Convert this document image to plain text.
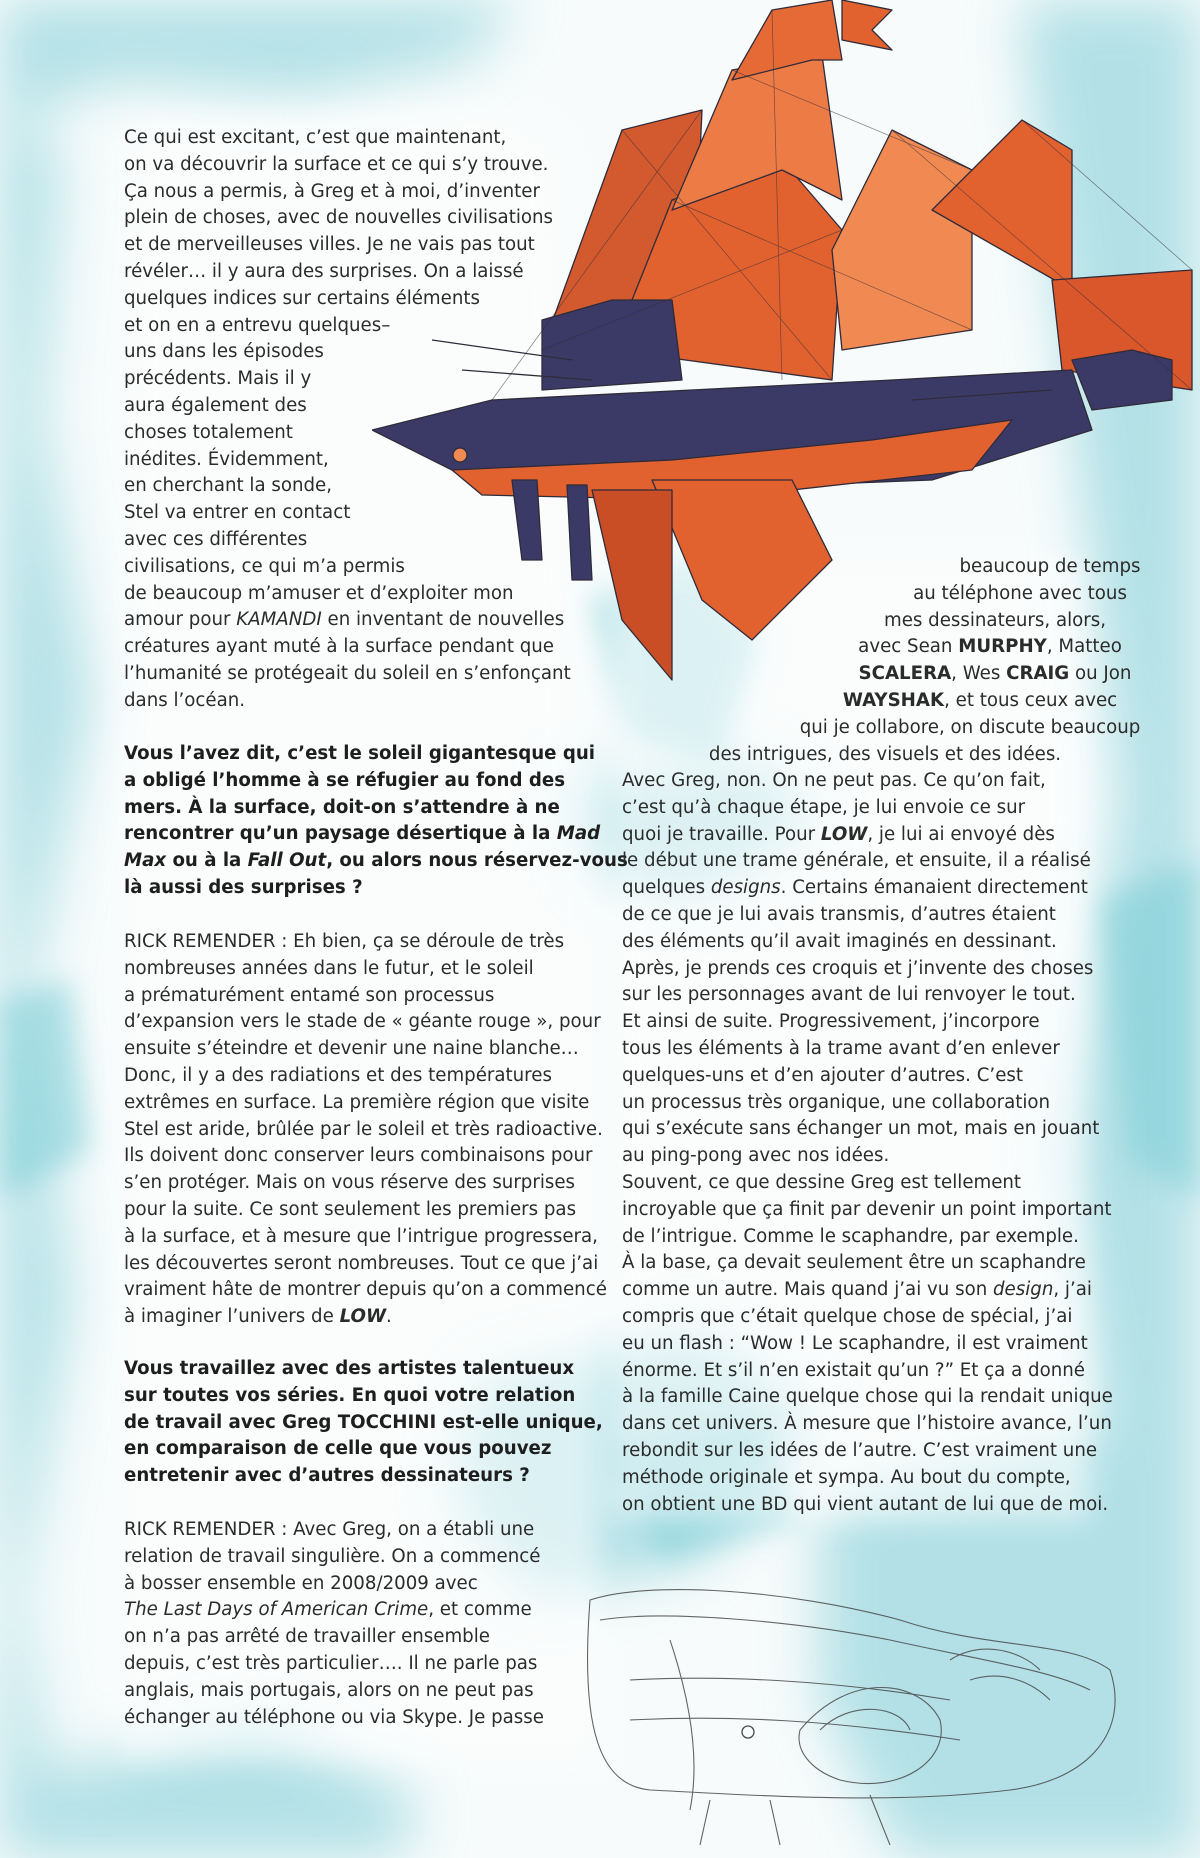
Ce qui est excitant, c’est que maintenant,
on va découvrir la surface et ce qui s’y trouve.
Ça nous a permis, à Greg et à moi, d’inventer
plein de choses, avec de nouvelles civilisations
et de merveilleuses villes. Je ne vais pas tout
révéler… il y aura des surprises. On a laissé
quelques indices sur certains éléments
et on en a entrevu quelques–
uns dans les épisodes
précédents. Mais il y
aura également des
choses totalement
inédites. Évidemment,
en cherchant la sonde,
Stel va entrer en contact
avec ces différentes
civilisations, ce qui m’a permis
de beaucoup m’amuser et d’exploiter mon
amour pour KAMANDI en inventant de nouvelles
créatures ayant muté à la surface pendant que
l’humanité se protégeait du soleil en s’enfonçant
dans l’océan.
Vous l’avez dit, c’est le soleil gigantesque qui
a obligé l’homme à se réfugier au fond des
mers. À la surface, doit-on s’attendre à ne
rencontrer qu’un paysage désertique à la Mad
Max ou à la Fall Out, ou alors nous réservez-vous
là aussi des surprises ?
RICK REMENDER : Eh bien, ça se déroule de très
nombreuses années dans le futur, et le soleil
a prématurément entamé son processus
d’expansion vers le stade de « géante rouge », pour
ensuite s’éteindre et devenir une naine blanche…
Donc, il y a des radiations et des températures
extrêmes en surface. La première région que visite
Stel est aride, brûlée par le soleil et très radioactive.
Ils doivent donc conserver leurs combinaisons pour
s’en protéger. Mais on vous réserve des surprises
pour la suite. Ce sont seulement les premiers pas
à la surface, et à mesure que l’intrigue progressera,
les découvertes seront nombreuses. Tout ce que j’ai
vraiment hâte de montrer depuis qu’on a commencé
à imaginer l’univers de LOW.
Vous travaillez avec des artistes talentueux
sur toutes vos séries. En quoi votre relation
de travail avec Greg TOCCHINI est-elle unique,
en comparaison de celle que vous pouvez
entretenir avec d’autres dessinateurs ?
RICK REMENDER : Avec Greg, on a établi une
relation de travail singulière. On a commencé
à bosser ensemble en 2008/2009 avec
The Last Days of American Crime, et comme
on n’a pas arrêté de travailler ensemble
depuis, c’est très particulier…. Il ne parle pas
anglais, mais portugais, alors on ne peut pas
échanger au téléphone ou via Skype. Je passe
beaucoup de temps
au téléphone avec tous
mes dessinateurs, alors,
avec Sean MURPHY, Matteo
SCALERA, Wes CRAIG ou Jon
WAYSHAK, et tous ceux avec
qui je collabore, on discute beaucoup
des intrigues, des visuels et des idées.
Avec Greg, non. On ne peut pas. Ce qu’on fait,
c’est qu’à chaque étape, je lui envoie ce sur
quoi je travaille. Pour LOW, je lui ai envoyé dès
le début une trame générale, et ensuite, il a réalisé
quelques designs. Certains émanaient directement
de ce que je lui avais transmis, d’autres étaient
des éléments qu’il avait imaginés en dessinant.
Après, je prends ces croquis et j’invente des choses
sur les personnages avant de lui renvoyer le tout.
Et ainsi de suite. Progressivement, j’incorpore
tous les éléments à la trame avant d’en enlever
quelques-uns et d’en ajouter d’autres. C’est
un processus très organique, une collaboration
qui s’exécute sans échanger un mot, mais en jouant
au ping-pong avec nos idées.
Souvent, ce que dessine Greg est tellement
incroyable que ça finit par devenir un point important
de l’intrigue. Comme le scaphandre, par exemple.
À la base, ça devait seulement être un scaphandre
comme un autre. Mais quand j’ai vu son design, j’ai
compris que c’était quelque chose de spécial, j’ai
eu un flash : “Wow ! Le scaphandre, il est vraiment
énorme. Et s’il n’en existait qu’un ?” Et ça a donné
à la famille Caine quelque chose qui la rendait unique
dans cet univers. À mesure que l’histoire avance, l’un
rebondit sur les idées de l’autre. C’est vraiment une
méthode originale et sympa. Au bout du compte,
on obtient une BD qui vient autant de lui que de moi.
